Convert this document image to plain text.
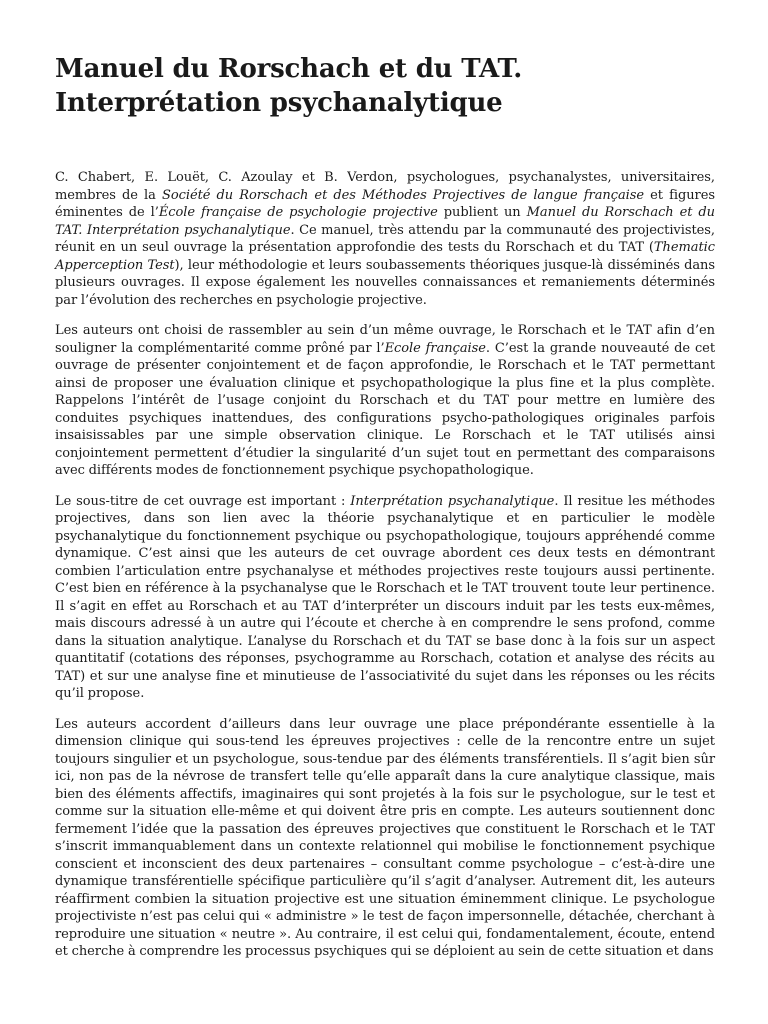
Manuel du Rorschach et du TAT.
Interprétation psychanalytique

C. Chabert, E. Louët, C. Azoulay et B. Verdon, psychologues, psychanalystes, universitaires,
membres de la Société du Rorschach et des Méthodes Projectives de langue française et figures
éminentes de l’École française de psychologie projective publient un Manuel du Rorschach et du
TAT. Interprétation psychanalytique. Ce manuel, très attendu par la communauté des projectivistes,
réunit en un seul ouvrage la présentation approfondie des tests du Rorschach et du TAT (Thematic
Apperception Test), leur méthodologie et leurs soubassements théoriques jusque-là disséminés dans
plusieurs ouvrages. Il expose également les nouvelles connaissances et remaniements déterminés
par l’évolution des recherches en psychologie projective.

Les auteurs ont choisi de rassembler au sein d’un même ouvrage, le Rorschach et le TAT afin d’en
souligner la complémentarité comme prôné par l’Ecole française. C’est la grande nouveauté de cet
ouvrage de présenter conjointement et de façon approfondie, le Rorschach et le TAT permettant
ainsi de proposer une évaluation clinique et psychopathologique la plus fine et la plus complète.
Rappelons l’intérêt de l’usage conjoint du Rorschach et du TAT pour mettre en lumière des
conduites psychiques inattendues, des configurations psycho-pathologiques originales parfois
insaisissables par une simple observation clinique. Le Rorschach et le TAT utilisés ainsi
conjointement permettent d’étudier la singularité d’un sujet tout en permettant des comparaisons
avec différents modes de fonctionnement psychique psychopathologique.

Le sous-titre de cet ouvrage est important : Interprétation psychanalytique. Il resitue les méthodes
projectives, dans son lien avec la théorie psychanalytique et en particulier le modèle
psychanalytique du fonctionnement psychique ou psychopathologique, toujours appréhendé comme
dynamique. C’est ainsi que les auteurs de cet ouvrage abordent ces deux tests en démontrant
combien l’articulation entre psychanalyse et méthodes projectives reste toujours aussi pertinente.
C’est bien en référence à la psychanalyse que le Rorschach et le TAT trouvent toute leur pertinence.
Il s’agit en effet au Rorschach et au TAT d’interpréter un discours induit par les tests eux-mêmes,
mais discours adressé à un autre qui l’écoute et cherche à en comprendre le sens profond, comme
dans la situation analytique. L’analyse du Rorschach et du TAT se base donc à la fois sur un aspect
quantitatif (cotations des réponses, psychogramme au Rorschach, cotation et analyse des récits au
TAT) et sur une analyse fine et minutieuse de l’associativité du sujet dans les réponses ou les récits
qu’il propose.

Les auteurs accordent d’ailleurs dans leur ouvrage une place prépondérante essentielle à la
dimension clinique qui sous-tend les épreuves projectives : celle de la rencontre entre un sujet
toujours singulier et un psychologue, sous-tendue par des éléments transférentiels. Il s’agit bien sûr
ici, non pas de la névrose de transfert telle qu’elle apparaît dans la cure analytique classique, mais
bien des éléments affectifs, imaginaires qui sont projetés à la fois sur le psychologue, sur le test et
comme sur la situation elle-même et qui doivent être pris en compte. Les auteurs soutiennent donc
fermement l’idée que la passation des épreuves projectives que constituent le Rorschach et le TAT
s’inscrit immanquablement dans un contexte relationnel qui mobilise le fonctionnement psychique
conscient et inconscient des deux partenaires – consultant comme psychologue – c’est-à-dire une
dynamique transférentielle spécifique particulière qu’il s’agit d’analyser. Autrement dit, les auteurs
réaffirment combien la situation projective est une situation éminemment clinique. Le psychologue
projectiviste n’est pas celui qui « administre » le test de façon impersonnelle, détachée, cherchant à
reproduire une situation « neutre ». Au contraire, il est celui qui, fondamentalement, écoute, entend
et cherche à comprendre les processus psychiques qui se déploient au sein de cette situation et dans
